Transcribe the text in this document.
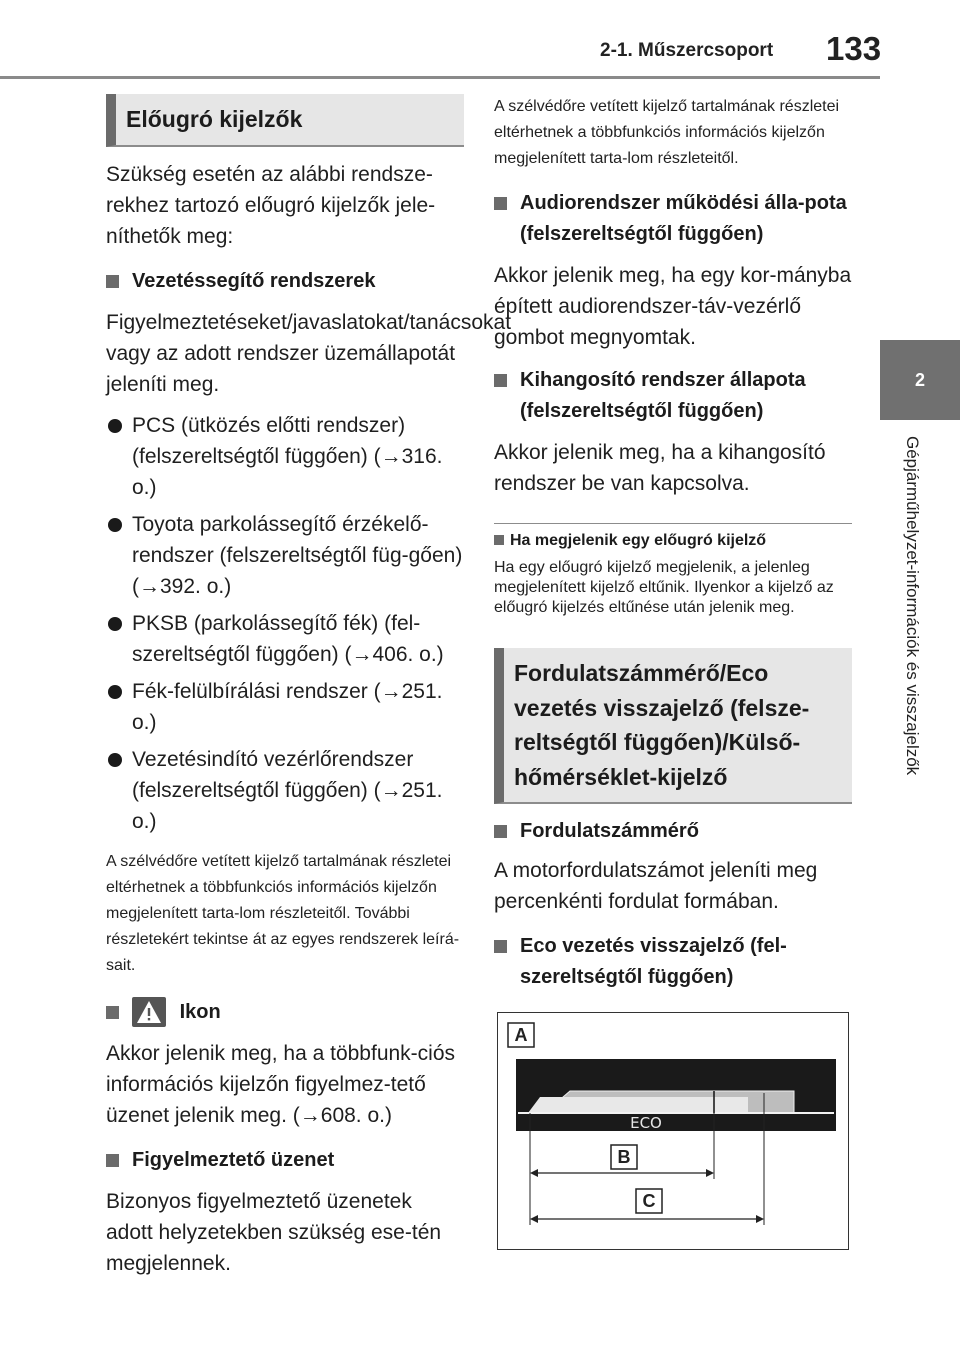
2-1. Műszercsoport 133
2
Gépjárműhelyzet-információk és visszajelzők
Előugró kijelzők

Szükség esetén az alábbi rendsze-rekhez tartozó előugró kijelzők jele-níthetők meg:

Vezetéssegítő rendszerek

Figyelmeztetéseket/javaslatokat/tanácsokat vagy az adott rendszer üzemállapotát jeleníti meg.

PCS (ütközés előtti rendszer) (felszereltségtől függően) (→316. o.)
Toyota parkolássegítő érzékelő-rendszer (felszereltségtől füg-gően) (→392. o.)
PKSB (parkolássegítő fék) (fel-szereltségtől függően) (→406. o.)
Fék-felülbírálási rendszer (→251. o.)
Vezetésindító vezérlőrendszer (felszereltségtől függően) (→251. o.)

A szélvédőre vetített kijelző tartalmának részletei eltérhetnek a többfunkciós információs kijelzőn megjelenített tarta-lom részleteitől. További részletekért tekintse át az egyes rendszerek leírá-sait.

Ikon

Akkor jelenik meg, ha a többfunk-ciós információs kijelzőn figyelmez-tető üzenet jelenik meg. (→608. o.)

Figyelmeztető üzenet

Bizonyos figyelmeztető üzenetek adott helyzetekben szükség ese-tén megjelennek.

A szélvédőre vetített kijelző tartalmának részletei eltérhetnek a többfunkciós információs kijelzőn megjelenített tarta-lom részleteitől.

Audiorendszer működési álla-pota (felszereltségtől függően)

Akkor jelenik meg, ha egy kor-mányba épített audiorendszer-táv-vezérlő gombot megnyomtak.

Kihangosító rendszer állapota (felszereltségtől függően)

Akkor jelenik meg, ha a kihangosító rendszer be van kapcsolva.

Ha megjelenik egy előugró kijelző

Ha egy előugró kijelző megjelenik, a jelenleg megjelenített kijelző eltűnik. Ilyenkor a kijelző az előugró kijelzés eltűnése után jelenik meg.

Fordulatszámmérő/Eco vezetés visszajelző (felsze-reltségtől függően)/Külső-hőmérséklet-kijelző
Fordulatszámmérő

A motorfordulatszámot jeleníti meg percenkénti fordulat formában.

Eco vezetés visszajelző (fel-szereltségtől függően)
A
ECO
B
C
